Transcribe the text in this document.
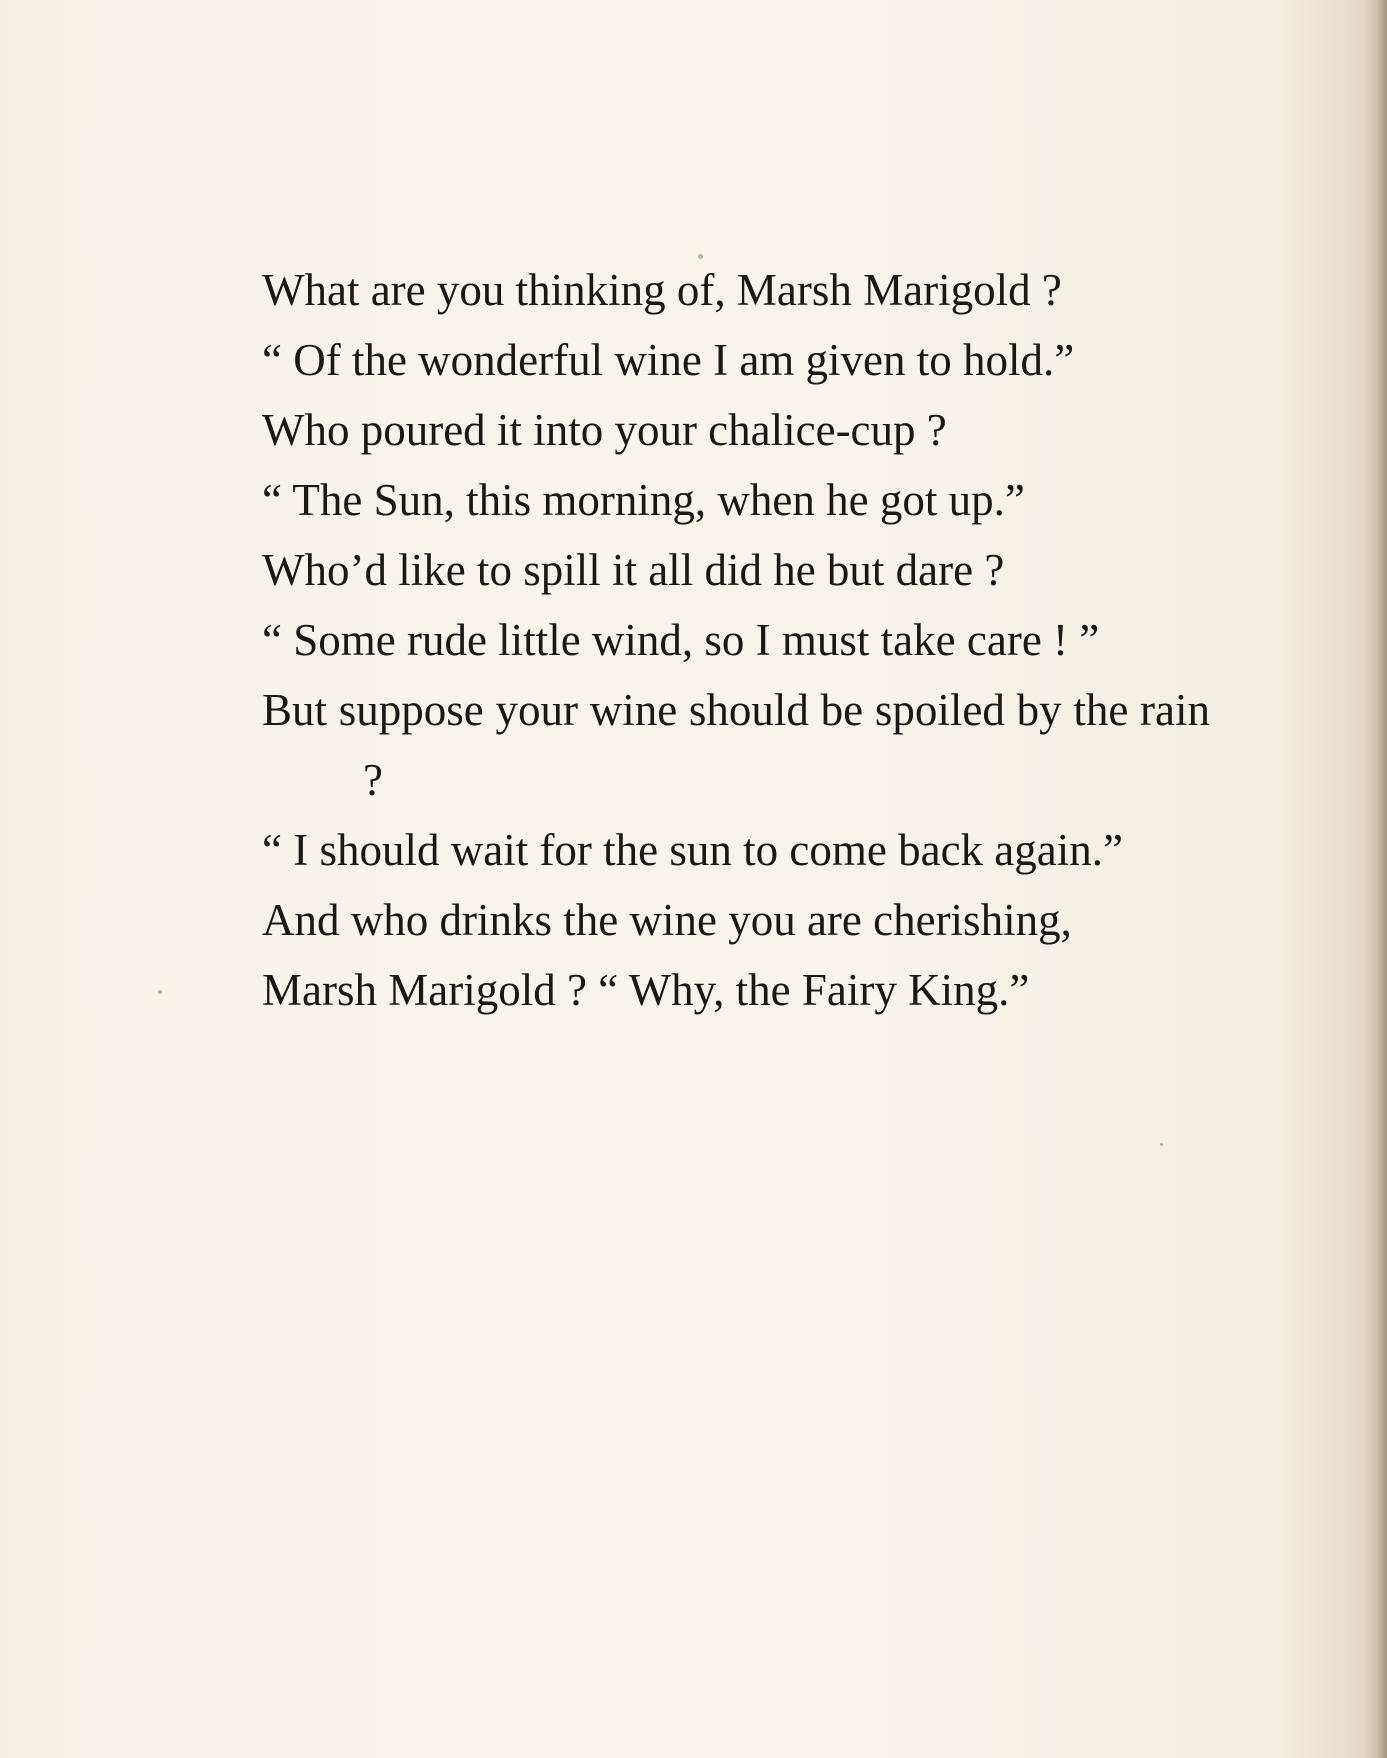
What are you thinking of, Marsh Marigold ?

“ Of the wonderful wine I am given to hold.”

Who poured it into your chalice-cup ?

“ The Sun, this morning, when he got up.”

Who’d like to spill it all did he but dare ?

“ Some rude little wind, so I must take care ! ”

But suppose your wine should be spoiled by the rain ?

“ I should wait for the sun to come back again.”

And who drinks the wine you are cherishing,

Marsh Marigold ? “ Why, the Fairy King.”
